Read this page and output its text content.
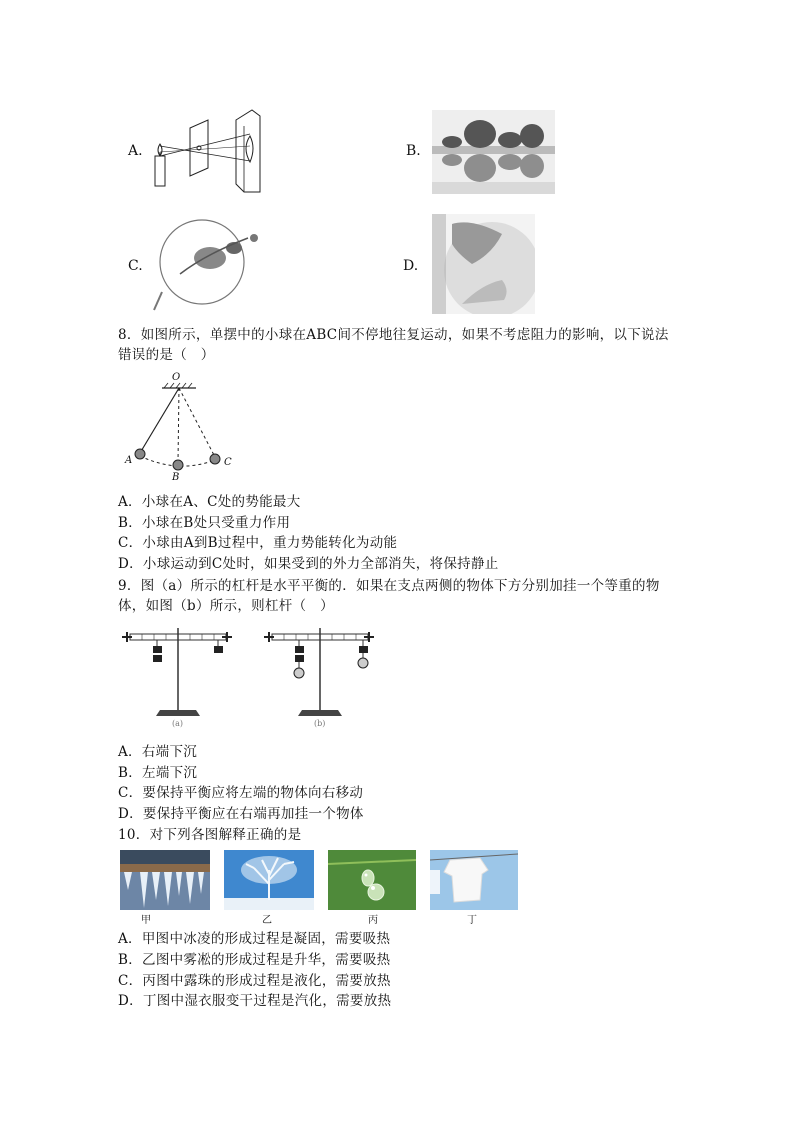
A.	B.
C.	D.
8．如图所示，单摆中的小球在ABC间不停地往复运动，如果不考虑阻力的影响，以下说法
错误的是（　）
O
A
B
C
A．小球在A、C处的势能最大
B．小球在B处只受重力作用
C．小球由A到B过程中，重力势能转化为动能
D．小球运动到C处时，如果受到的外力全部消失，将保持静止
9．图（a）所示的杠杆是水平平衡的．如果在支点两侧的物体下方分别加挂一个等重的物
体，如图（b）所示，则杠杆（　）
(a)	(b)
A．右端下沉
B．左端下沉
C．要保持平衡应将左端的物体向右移动
D．要保持平衡应在右端再加挂一个物体
10．对下列各图解释正确的是
甲	乙	丙	丁
A．甲图中冰凌的形成过程是凝固，需要吸热
B．乙图中雾凇的形成过程是升华，需要吸热
C．丙图中露珠的形成过程是液化，需要放热
D．丁图中湿衣服变干过程是汽化，需要放热
